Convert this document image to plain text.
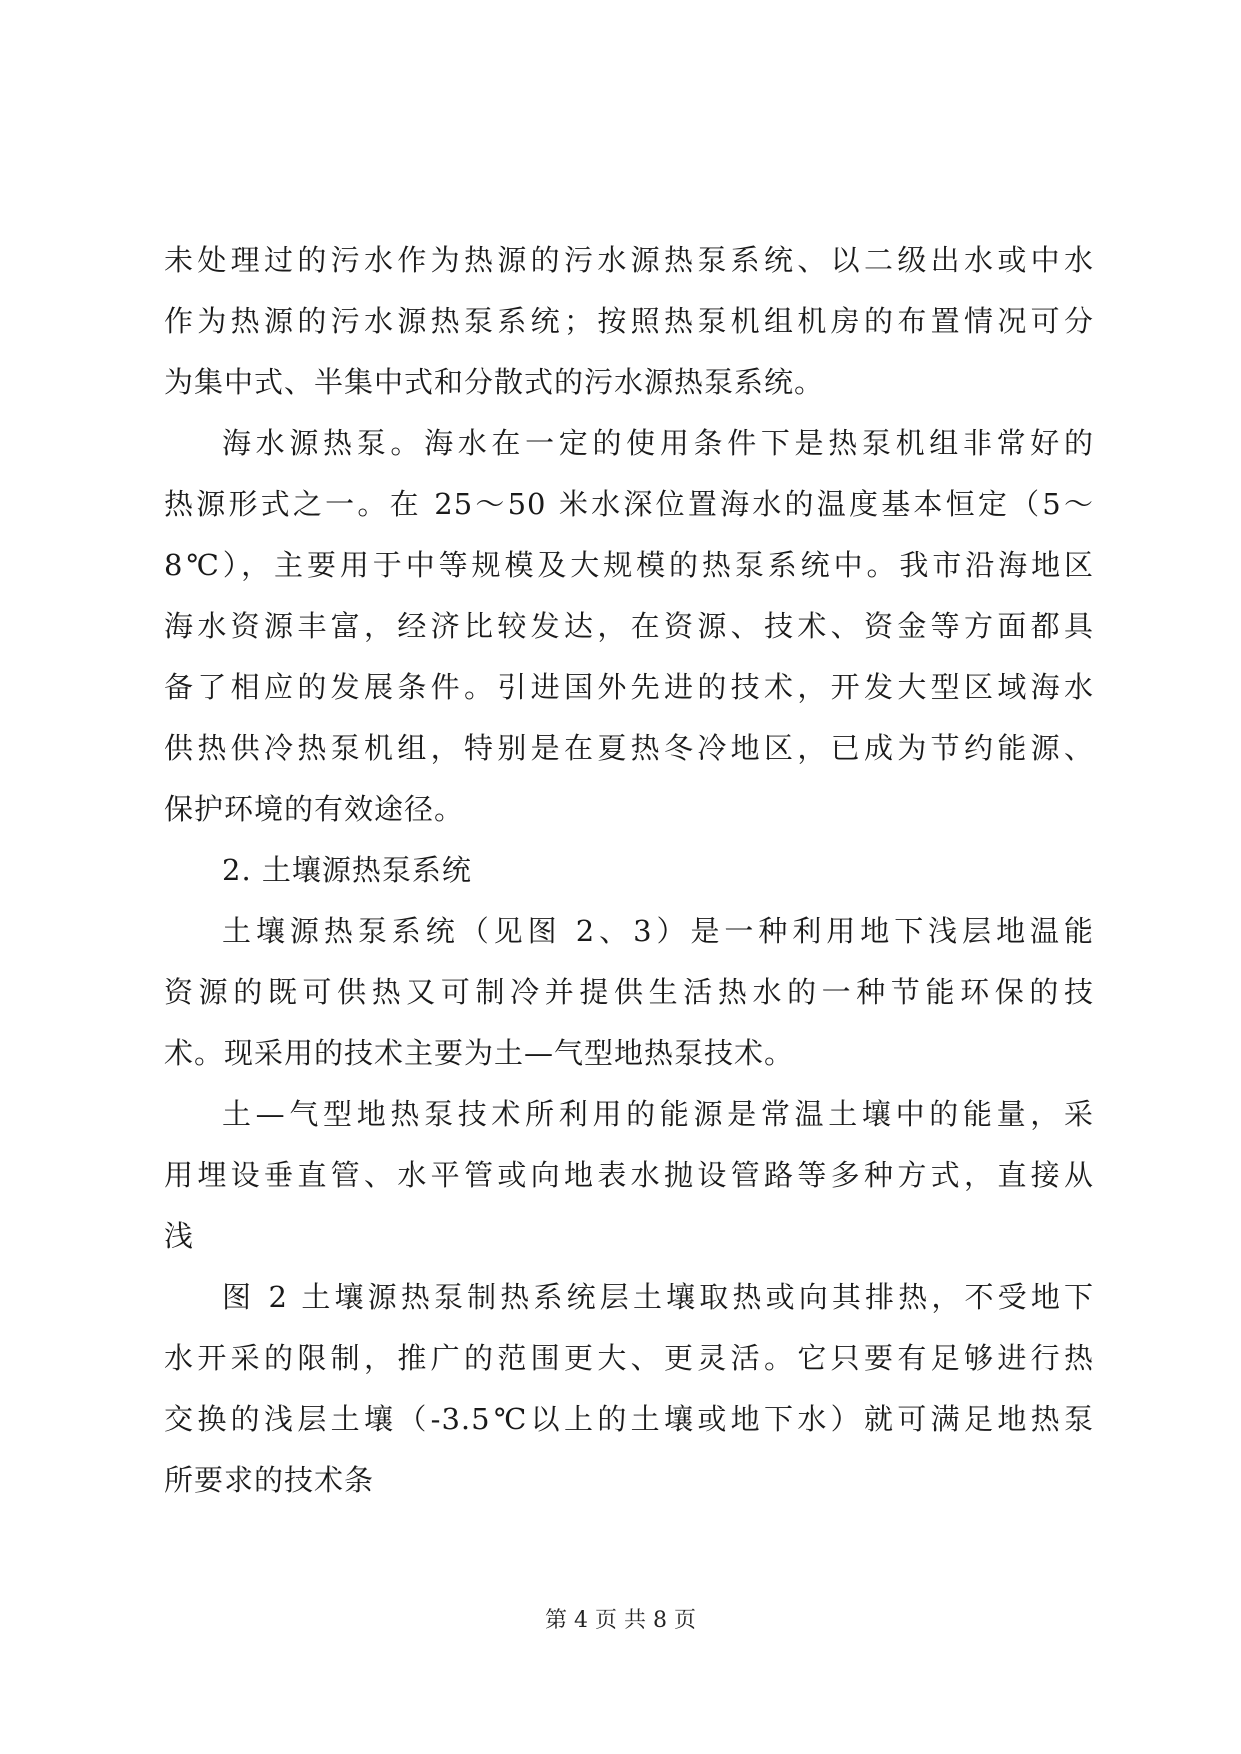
未处理过的污水作为热源的污水源热泵系统、以二级出水或中水

作为热源的污水源热泵系统；按照热泵机组机房的布置情况可分

为集中式、半集中式和分散式的污水源热泵系统。

海水源热泵。海水在一定的使用条件下是热泵机组非常好的

热源形式之一。在 25～50 米水深位置海水的温度基本恒定（5～

8℃），主要用于中等规模及大规模的热泵系统中。我市沿海地区

海水资源丰富，经济比较发达，在资源、技术、资金等方面都具

备了相应的发展条件。引进国外先进的技术，开发大型区域海水

供热供冷热泵机组，特别是在夏热冬冷地区，已成为节约能源、

保护环境的有效途径。

2. 土壤源热泵系统

土壤源热泵系统（见图 2、3）是一种利用地下浅层地温能

资源的既可供热又可制冷并提供生活热水的一种节能环保的技

术。现采用的技术主要为土—气型地热泵技术。

土—气型地热泵技术所利用的能源是常温土壤中的能量，采

用埋设垂直管、水平管或向地表水抛设管路等多种方式，直接从

浅

图 2 土壤源热泵制热系统层土壤取热或向其排热，不受地下

水开采的限制，推广的范围更大、更灵活。它只要有足够进行热

交换的浅层土壤（-3.5℃以上的土壤或地下水）就可满足地热泵

所要求的技术条

第 4 页 共 8 页
